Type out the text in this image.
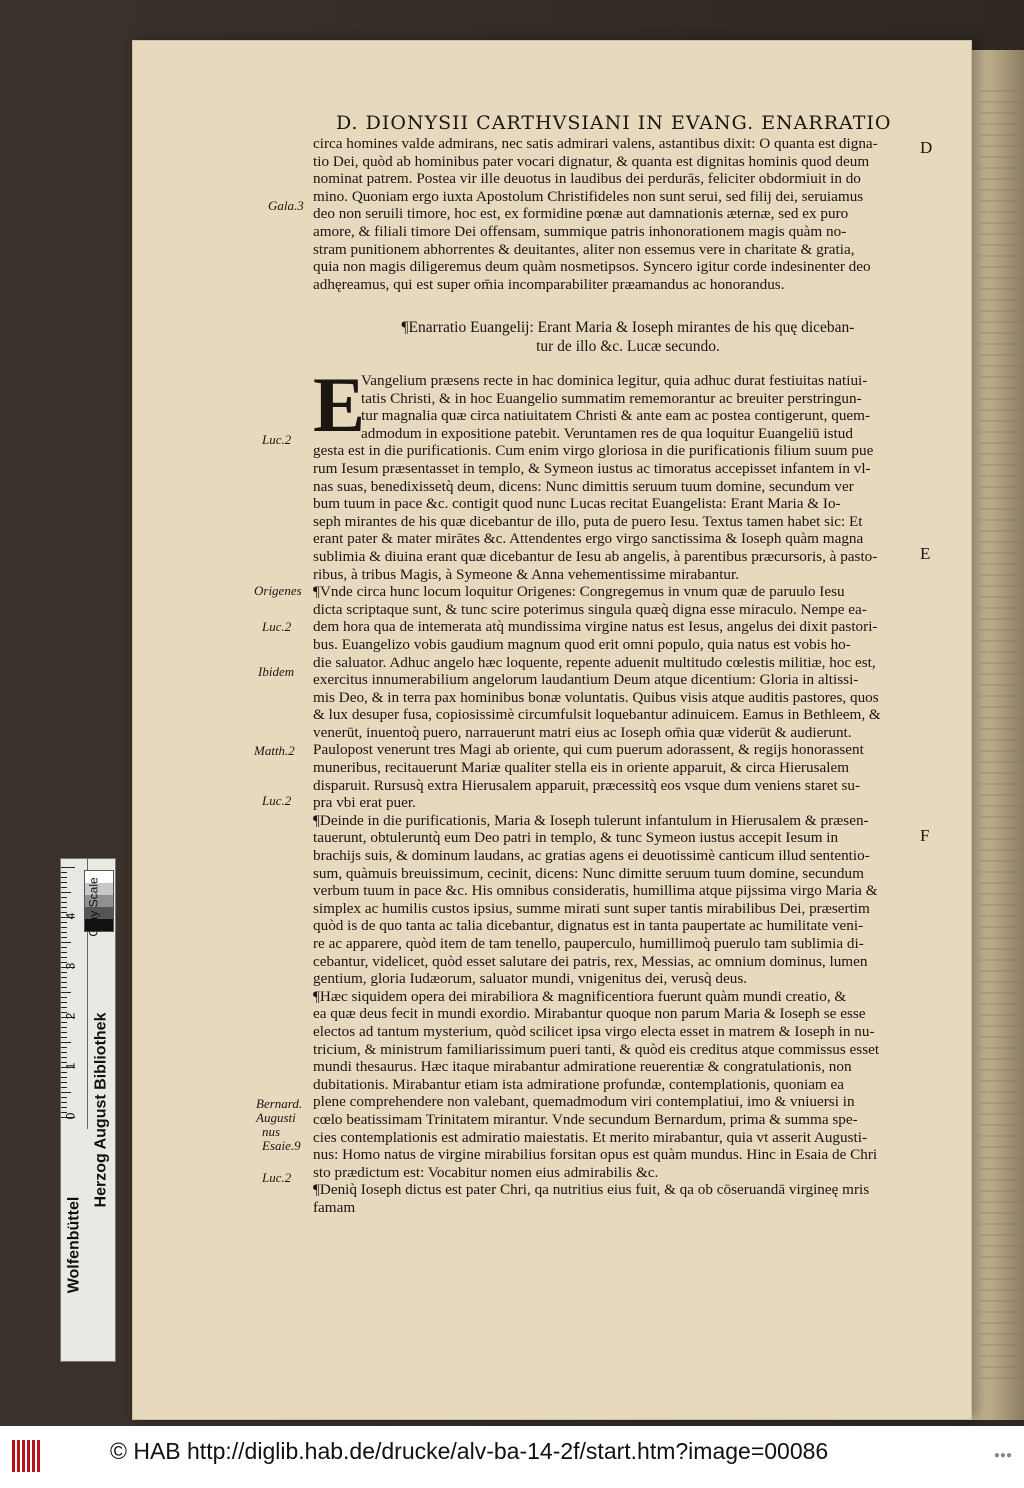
D. DIONYSII CARTHVSIANI IN EVANG. ENARRATIO
circa homines valde admirans, nec satis admirari valens, astantibus dixit: O quanta est digna-
tio Dei, quòd ab hominibus pater vocari dignatur, & quanta est dignitas hominis quod deum
nominat patrem. Postea vir ille deuotus in laudibus dei perdurās, feliciter obdormiuit in do
mino. Quoniam ergo iuxta Apostolum Christifideles non sunt serui, sed filij dei, seruiamus
deo non seruili timore, hoc est, ex formidine pœnæ aut damnationis æternæ, sed ex puro
amore, & filiali timore Dei offensam, summique patris inhonorationem magis quàm no-
stram punitionem abhorrentes & deuitantes, aliter non essemus vere in charitate & gratia,
quia non magis diligeremus deum quàm nosmetipsos. Syncero igitur corde indesinenter deo
adhęreamus, qui est super om̄ia incomparabiliter præamandus ac honorandus.
¶Enarratio Euangelij: Erant Maria & Ioseph mirantes de his quę diceban-
tur de illo &c. Lucæ secundo.
E
Vangelium præsens recte in hac dominica legitur, quia adhuc durat festiuitas natiui-
tatis Christi, & in hoc Euangelio summatim rememorantur ac breuiter perstringun-
tur magnalia quæ circa natiuitatem Christi & ante eam ac postea contigerunt, quem-
admodum in expositione patebit. Veruntamen res de qua loquitur Euangeliū istud
gesta est in die purificationis. Cum enim virgo gloriosa in die purificationis filium suum pue
rum Iesum præsentasset in templo, & Symeon iustus ac timoratus accepisset infantem in vl-
nas suas, benedixissetq̀ deum, dicens: Nunc dimittis seruum tuum domine, secundum ver
bum tuum in pace &c. contigit quod nunc Lucas recitat Euangelista: Erant Maria & Io-
seph mirantes de his quæ dicebantur de illo, puta de puero Iesu. Textus tamen habet sic: Et
erant pater & mater mirātes &c. Attendentes ergo virgo sanctissima & Ioseph quàm magna
sublimia & diuina erant quæ dicebantur de Iesu ab angelis, à parentibus præcursoris, à pasto-
ribus, à tribus Magis, à Symeone & Anna vehementissime mirabantur.
¶Vnde circa hunc locum loquitur Origenes: Congregemus in vnum quæ de paruulo Iesu
dicta scriptaque sunt, & tunc scire poterimus singula quæq̀ digna esse miraculo. Nempe ea-
dem hora qua de intemerata atq̀ mundissima virgine natus est Iesus, angelus dei dixit pastori-
bus. Euangelizo vobis gaudium magnum quod erit omni populo, quia natus est vobis ho-
die saluator. Adhuc angelo hæc loquente, repente aduenit multitudo cœlestis militiæ, hoc est,
exercitus innumerabilium angelorum laudantium Deum atque dicentium: Gloria in altissi-
mis Deo, & in terra pax hominibus bonæ voluntatis. Quibus visis atque auditis pastores, quos
& lux desuper fusa, copiosissimè circumfulsit loquebantur adinuicem. Eamus in Bethleem, &
venerūt, inuentoq̀ puero, narrauerunt matri eius ac Ioseph om̄ia quæ viderūt & audierunt.
Paulopost venerunt tres Magi ab oriente, qui cum puerum adorassent, & regijs honorassent
muneribus, recitauerunt Mariæ qualiter stella eis in oriente apparuit, & circa Hierusalem
disparuit. Rursusq̀ extra Hierusalem apparuit, præcessitq̀ eos vsque dum veniens staret su-
pra vbi erat puer.
¶Deinde in die purificationis, Maria & Ioseph tulerunt infantulum in Hierusalem & præsen-
tauerunt, obtuleruntq̀ eum Deo patri in templo, & tunc Symeon iustus accepit Iesum in
brachijs suis, & dominum laudans, ac gratias agens ei deuotissimè canticum illud sententio-
sum, quàmuis breuissimum, cecinit, dicens: Nunc dimitte seruum tuum domine, secundum
verbum tuum in pace &c. His omnibus consideratis, humillima atque pijssima virgo Maria &
simplex ac humilis custos ipsius, summe mirati sunt super tantis mirabilibus Dei, præsertim
quòd is de quo tanta ac talia dicebantur, dignatus est in tanta paupertate ac humilitate veni-
re ac apparere, quòd item de tam tenello, pauperculo, humillimoq̀ puerulo tam sublimia di-
cebantur, videlicet, quòd esset salutare dei patris, rex, Messias, ac omnium dominus, lumen
gentium, gloria Iudæorum, saluator mundi, vnigenitus dei, verusq̀ deus.
¶Hæc siquidem opera dei mirabiliora & magnificentiora fuerunt quàm mundi creatio, &
ea quæ deus fecit in mundi exordio. Mirabantur quoque non parum Maria & Ioseph se esse
electos ad tantum mysterium, quòd scilicet ipsa virgo electa esset in matrem & Ioseph in nu-
tricium, & ministrum familiarissimum pueri tanti, & quòd eis creditus atque commissus esset
mundi thesaurus. Hæc itaque mirabantur admiratione reuerentiæ & congratulationis, non
dubitationis. Mirabantur etiam ista admiratione profundæ, contemplationis, quoniam ea
plene comprehendere non valebant, quemadmodum viri contemplatiui, imo & vniuersi in
cœlo beatissimam Trinitatem mirantur. Vnde secundum Bernardum, prima & summa spe-
cies contemplationis est admiratio maiestatis. Et merito mirabantur, quia vt asserit Augusti-
nus: Homo natus de virgine mirabilius forsitan opus est quàm mundus. Hinc in Esaia de Chri
sto prædictum est: Vocabitur nomen eius admirabilis &c.
¶Deniq̀ Ioseph dictus est pater Chri, qa nutritius eius fuit, & qa ob cōseruandā virgineę mris
famam
Gala.3
Luc.2
Origenes
Luc.2
Ibidem
Matth.2
Luc.2
Bernard.
Augusti
nus
Esaie.9
Luc.2
D
E
F
0
1
2
3
4
Herzog August Bibliothek
Wolfenbüttel
Gray Scale
© HAB http://diglib.hab.de/drucke/alv-ba-14-2f/start.htm?image=00086	●●●
